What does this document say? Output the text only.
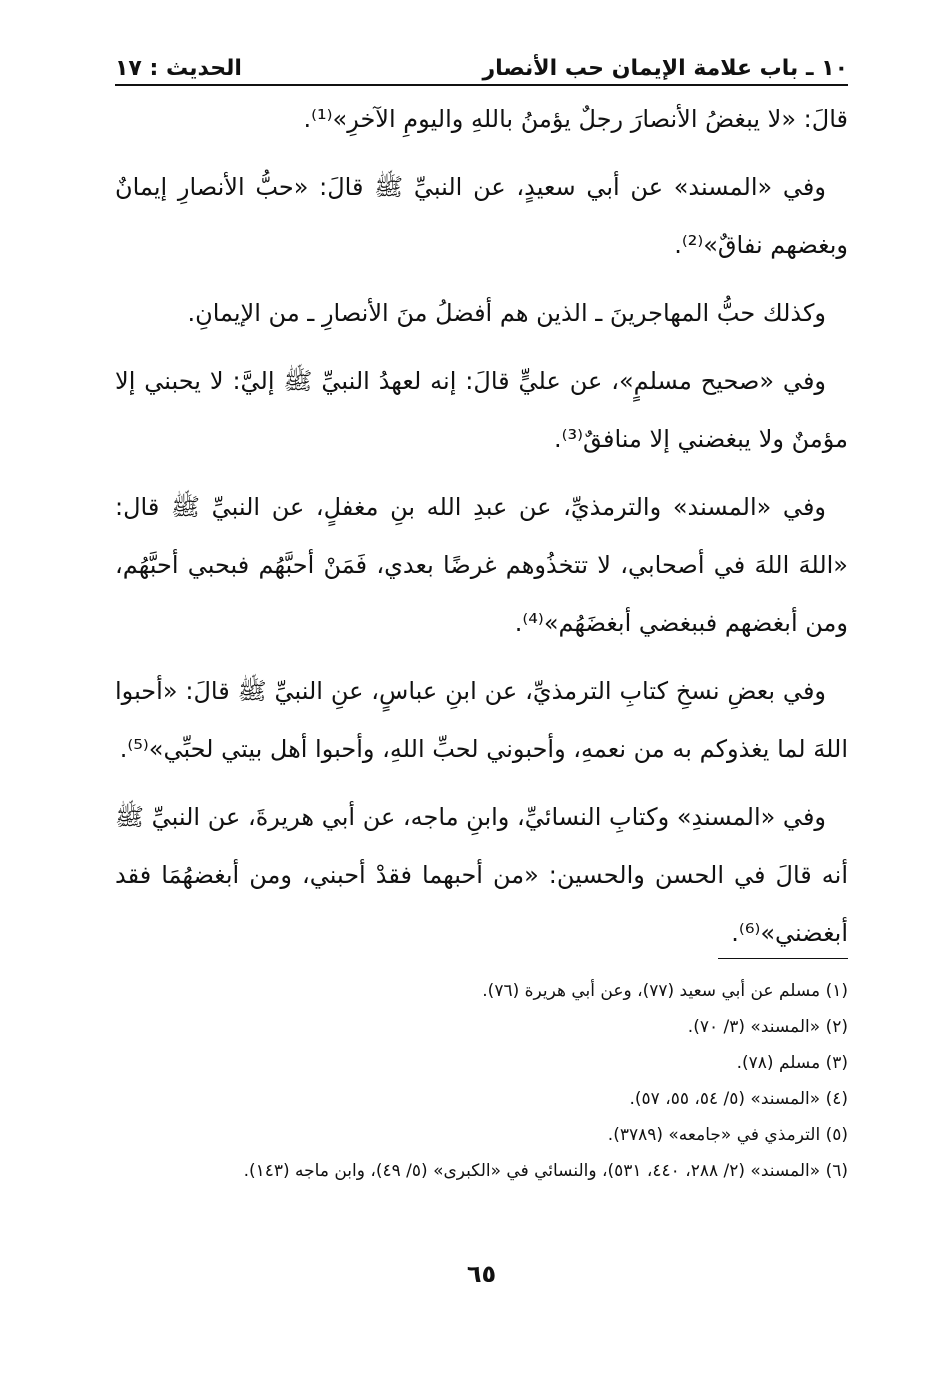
١٠ ـ باب علامة الإيمان حب الأنصار
الحديث : ١٧

قالَ: «لا يبغضُ الأنصارَ رجلٌ يؤمنُ باللهِ واليومِ الآخرِ»⁽¹⁾.

وفي «المسند» عن أبي سعيدٍ، عن النبيِّ ﷺ قالَ: «حبُّ الأنصارِ إيمانٌ وبغضهم نفاقٌ»⁽²⁾.

وكذلك حبُّ المهاجرينَ ـ الذين هم أفضلُ منَ الأنصارِ ـ من الإيمانِ.

وفي «صحيح مسلمٍ»، عن عليٍّ قالَ: إنه لعهدُ النبيِّ ﷺ إليَّ: لا يحبني إلا مؤمنٌ ولا يبغضني إلا منافقٌ⁽³⁾.

وفي «المسند» والترمذيِّ، عن عبدِ الله بنِ مغفلٍ، عن النبيِّ ﷺ قال: «اللهَ اللهَ في أصحابي، لا تتخذُوهم غرضًا بعدي، فَمَنْ أحبَّهُم فبحبي أحبَّهُم، ومن أبغضهم فببغضي أبغضَهُم»⁽⁴⁾.

وفي بعضِ نسخِ كتابِ الترمذيِّ، عن ابنِ عباسٍ، عنِ النبيِّ ﷺ قالَ: «أحبوا اللهَ لما يغذوكم به من نعمهِ، وأحبوني لحبِّ اللهِ، وأحبوا أهل بيتي لحبِّي»⁽⁵⁾.

وفي «المسندِ» وكتابِ النسائيِّ، وابنِ ماجه، عن أبي هريرةَ، عن النبيِّ ﷺ أنه قالَ في الحسن والحسين: «من أحبهما فقدْ أحبني، ومن أبغضهُمَا فقد أبغضني»⁽⁶⁾.

(١) مسلم عن أبي سعيد (٧٧)، وعن أبي هريرة (٧٦).

(٢) «المسند» (٣/ ٧٠).

(٣) مسلم (٧٨).

(٤) «المسند» (٥/ ٥٤، ٥٥، ٥٧).

(٥) الترمذي في «جامعه» (٣٧٨٩).

(٦) «المسند» (٢/ ٢٨٨، ٤٤٠، ٥٣١)، والنسائي في «الكبرى» (٥/ ٤٩)، وابن ماجه (١٤٣).

٦٥
